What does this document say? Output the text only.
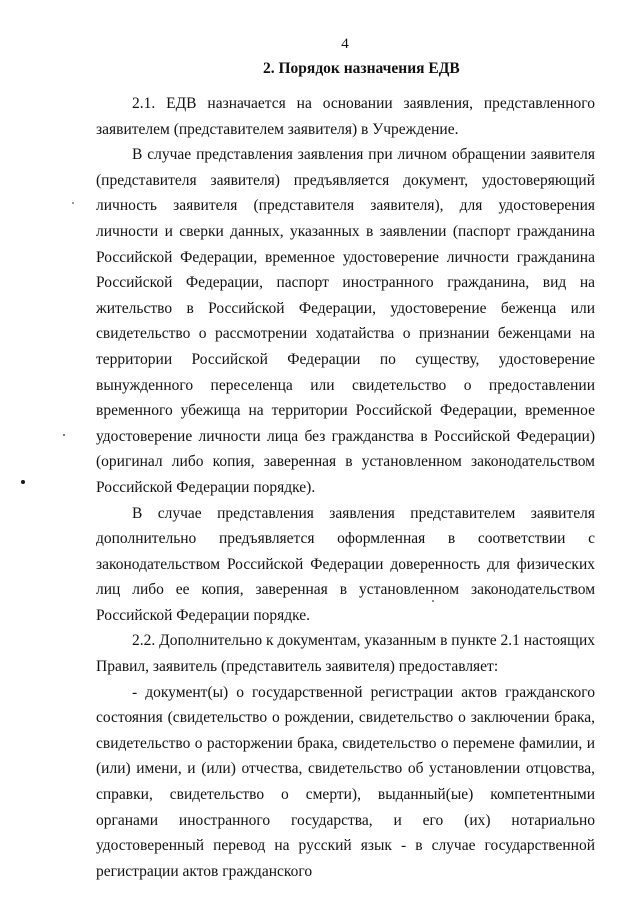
4
2. Порядок назначения ЕДВ

2.1. ЕДВ назначается на основании заявления, представленного заявителем (представителем заявителя) в Учреждение.

В случае представления заявления при личном обращении заявителя (представителя заявителя) предъявляется документ, удостоверяющий личность заявителя (представителя заявителя), для удостоверения личности и сверки данных, указанных в заявлении (паспорт гражданина Российской Федерации, временное удостоверение личности гражданина Российской Федерации, паспорт иностранного гражданина, вид на жительство в Российской Федерации, удостоверение беженца или свидетельство о рассмотрении ходатайства о признании беженцами на территории Российской Федерации по существу, удостоверение вынужденного переселенца или свидетельство о предоставлении временного убежища на территории Российской Федерации, временное удостоверение личности лица без гражданства в Российской Федерации) (оригинал либо копия, заверенная в установленном законодательством Российской Федерации порядке).

В случае представления заявления представителем заявителя дополнительно предъявляется оформленная в соответствии с законодательством Российской Федерации доверенность для физических лиц либо ее копия, заверенная в установленном законодательством Российской Федерации порядке.

2.2. Дополнительно к документам, указанным в пункте 2.1 настоящих Правил, заявитель (представитель заявителя) предоставляет:

- документ(ы) о государственной регистрации актов гражданского состояния (свидетельство о рождении, свидетельство о заключении брака, свидетельство о расторжении брака, свидетельство о перемене фамилии, и (или) имени, и (или) отчества, свидетельство об установлении отцовства, справки, свидетельство о смерти), выданный(ые) компетентными органами иностранного государства, и его (их) нотариально удостоверенный перевод на русский язык - в случае государственной регистрации актов гражданского
